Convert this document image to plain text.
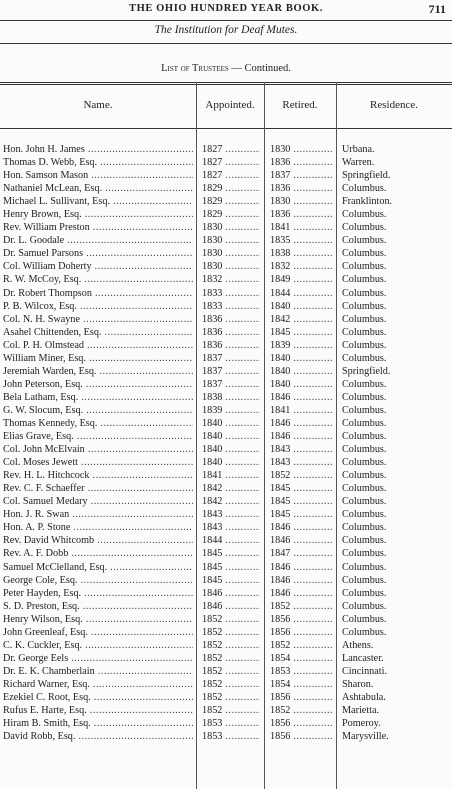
THE OHIO HUNDRED YEAR BOOK.	711
The Institution for Deaf Mutes.
List of Trustees — Continued.
Name.	Appointed.	Retired.	Residence.
Hon. John H. James .....	1827 .....	1830 .....	Urbana.
Thomas D. Webb, Esq. .....	1827 .....	1836 .....	Warren.
Hon. Samson Mason .....	1827 .....	1837 .....	Springfield.
Nathaniel McLean, Esq. .....	1829 .....	1836 .....	Columbus.
Michael L. Sullivant, Esq. .....	1829 .....	1830 .....	Franklinton.
Henry Brown, Esq. .....	1829 .....	1836 .....	Columbus.
Rev. William Preston .....	1830 .....	1841 .....	Columbus.
Dr. L. Goodale .....	1830 .....	1835 .....	Columbus.
Dr. Samuel Parsons .....	1830 .....	1838 .....	Columbus.
Col. William Doherty .....	1830 .....	1832 .....	Columbus.
R. W. McCoy, Esq. .....	1832 .....	1849 .....	Columbus.
Dr. Robert Thompson .....	1833 .....	1844 .....	Columbus.
P. B. Wilcox, Esq. .....	1833 .....	1840 .....	Columbus.
Col. N. H. Swayne .....	1836 .....	1842 .....	Columbus.
Asahel Chittenden, Esq. .....	1836 .....	1845 .....	Columbus.
Col. P. H. Olmstead .....	1836 .....	1839 .....	Columbus.
William Miner, Esq. .....	1837 .....	1840 .....	Columbus.
Jeremiah Warden, Esq. .....	1837 .....	1840 .....	Springfield.
John Peterson, Esq. .....	1837 .....	1840 .....	Columbus.
Bela Latham, Esq. .....	1838 .....	1846 .....	Columbus.
G. W. Slocum, Esq. .....	1839 .....	1841 .....	Columbus.
Thomas Kennedy, Esq. .....	1840 .....	1846 .....	Columbus.
Elias Grave, Esq. .....	1840 .....	1846 .....	Columbus.
Col. John McElvain .....	1840 .....	1843 .....	Columbus.
Col. Moses Jewett .....	1840 .....	1843 .....	Columbus.
Rev. H. L. Hitchcock .....	1841 .....	1852 .....	Columbus.
Rev. C. F. Schaeffer .....	1842 .....	1845 .....	Columbus.
Col. Samuel Medary .....	1842 .....	1845 .....	Columbus.
Hon. J. R. Swan .....	1843 .....	1845 .....	Columbus.
Hon. A. P. Stone .....	1843 .....	1846 .....	Columbus.
Rev. David Whitcomb .....	1844 .....	1846 .....	Columbus.
Rev. A. F. Dobb .....	1845 .....	1847 .....	Columbus.
Samuel McClelland, Esq. .....	1845 .....	1846 .....	Columbus.
George Cole, Esq. .....	1845 .....	1846 .....	Columbus.
Peter Hayden, Esq. .....	1846 .....	1846 .....	Columbus.
S. D. Preston, Esq. .....	1846 .....	1852 .....	Columbus.
Henry Wilson, Esq. .....	1852 .....	1856 .....	Columbus.
John Greenleaf, Esq. .....	1852 .....	1856 .....	Columbus.
C. K. Cuckler, Esq. .....	1852 .....	1852 .....	Athens.
Dr. George Eels .....	1852 .....	1854 .....	Lancaster.
Dr. E. K. Chamberlain .....	1852 .....	1853 .....	Cincinnati.
Richard Warner, Esq. .....	1852 .....	1854 .....	Sharon.
Ezekiel C. Root, Esq. .....	1852 .....	1856 .....	Ashtabula.
Rufus E. Harte, Esq. .....	1852 .....	1852 .....	Marietta.
Hiram B. Smith, Esq. .....	1853 .....	1856 .....	Pomeroy.
David Robb, Esq. .....	1853 .....	1856 .....	Marysville.
